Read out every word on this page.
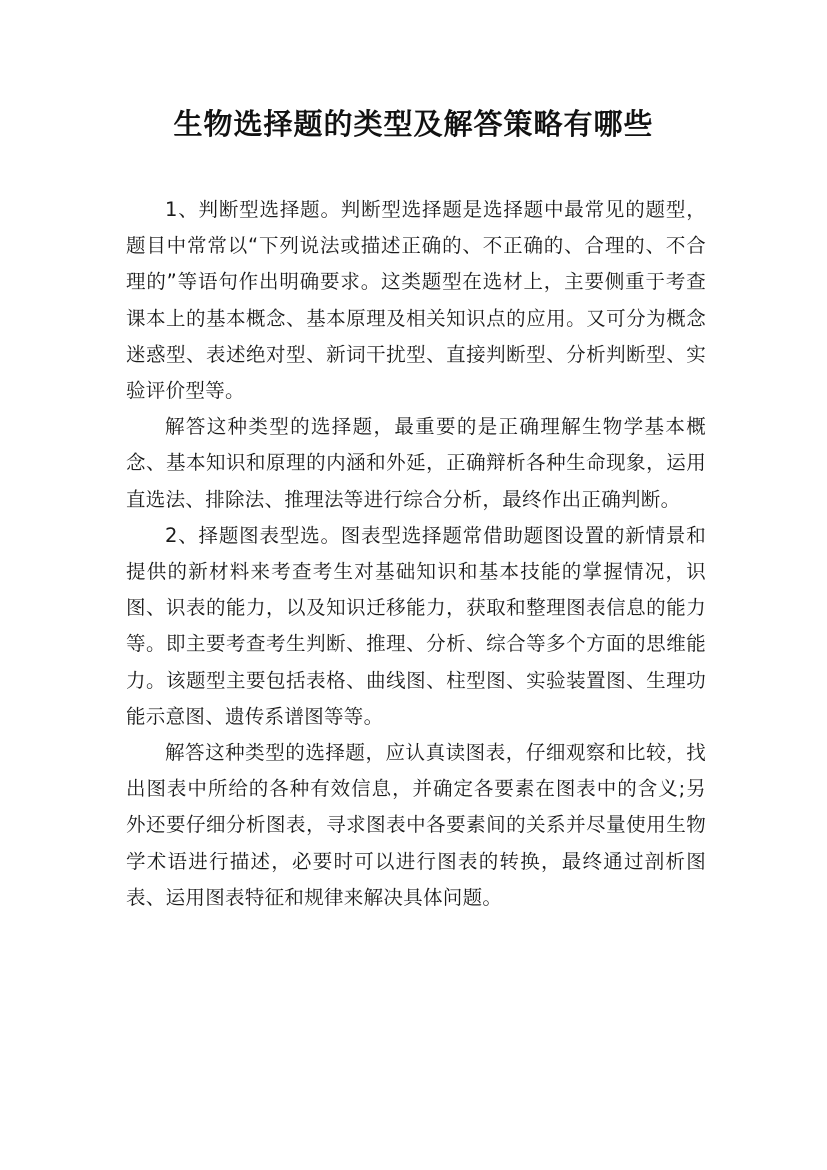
生物选择题的类型及解答策略有哪些

1、判断型选择题。判断型选择题是选择题中最常见的题型，题目中常常以“下列说法或描述正确的、不正确的、合理的、不合理的”等语句作出明确要求。这类题型在选材上，主要侧重于考查课本上的基本概念、基本原理及相关知识点的应用。又可分为概念迷惑型、表述绝对型、新词干扰型、直接判断型、分析判断型、实验评价型等。

解答这种类型的选择题，最重要的是正确理解生物学基本概念、基本知识和原理的内涵和外延，正确辩析各种生命现象，运用直选法、排除法、推理法等进行综合分析，最终作出正确判断。

2、择题图表型选。图表型选择题常借助题图设置的新情景和提供的新材料来考查考生对基础知识和基本技能的掌握情况，识图、识表的能力，以及知识迁移能力，获取和整理图表信息的能力等。即主要考查考生判断、推理、分析、综合等多个方面的思维能力。该题型主要包括表格、曲线图、柱型图、实验装置图、生理功能示意图、遗传系谱图等等。

解答这种类型的选择题，应认真读图表，仔细观察和比较，找出图表中所给的各种有效信息，并确定各要素在图表中的含义;另外还要仔细分析图表，寻求图表中各要素间的关系并尽量使用生物学术语进行描述，必要时可以进行图表的转换，最终通过剖析图表、运用图表特征和规律来解决具体问题。
